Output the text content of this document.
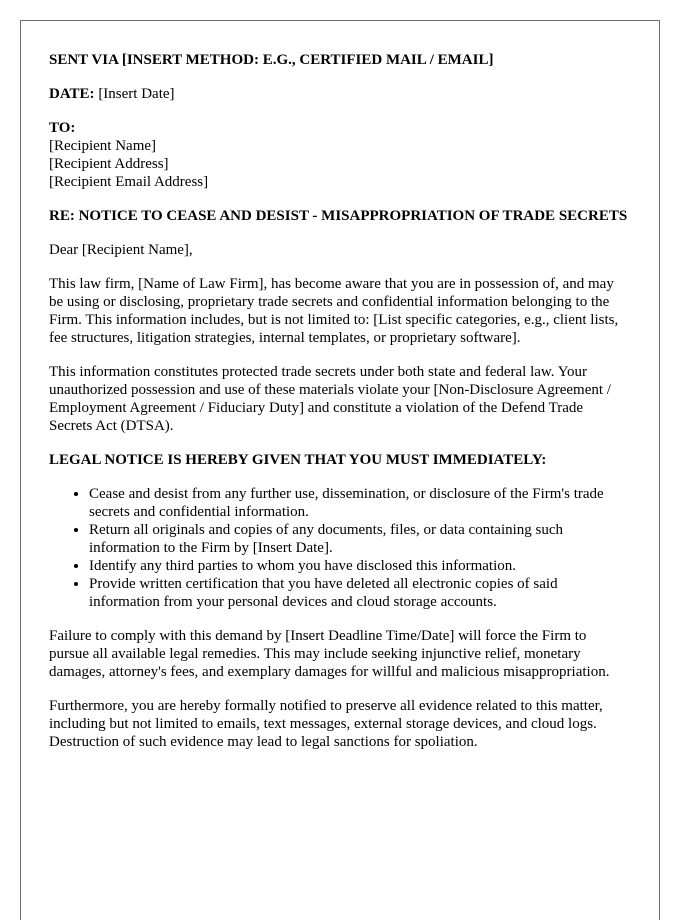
SENT VIA [INSERT METHOD: E.G., CERTIFIED MAIL / EMAIL]
DATE: [Insert Date]
TO:
[Recipient Name]
[Recipient Address]
[Recipient Email Address]
RE: NOTICE TO CEASE AND DESIST - MISAPPROPRIATION OF TRADE SECRETS

Dear [Recipient Name],

This law firm, [Name of Law Firm], has become aware that you are in possession of, and may be using or disclosing, proprietary trade secrets and confidential information belonging to the Firm. This information includes, but is not limited to: [List specific categories, e.g., client lists, fee structures, litigation strategies, internal templates, or proprietary software].

This information constitutes protected trade secrets under both state and federal law. Your unauthorized possession and use of these materials violate your [Non-Disclosure Agreement / Employment Agreement / Fiduciary Duty] and constitute a violation of the Defend Trade Secrets Act (DTSA).

LEGAL NOTICE IS HEREBY GIVEN THAT YOU MUST IMMEDIATELY:
• Cease and desist from any further use, dissemination, or disclosure of the Firm's trade secrets and confidential information.
• Return all originals and copies of any documents, files, or data containing such information to the Firm by [Insert Date].
• Identify any third parties to whom you have disclosed this information.
• Provide written certification that you have deleted all electronic copies of said information from your personal devices and cloud storage accounts.

Failure to comply with this demand by [Insert Deadline Time/Date] will force the Firm to pursue all available legal remedies. This may include seeking injunctive relief, monetary damages, attorney's fees, and exemplary damages for willful and malicious misappropriation.

Furthermore, you are hereby formally notified to preserve all evidence related to this matter, including but not limited to emails, text messages, external storage devices, and cloud logs. Destruction of such evidence may lead to legal sanctions for spoliation.
